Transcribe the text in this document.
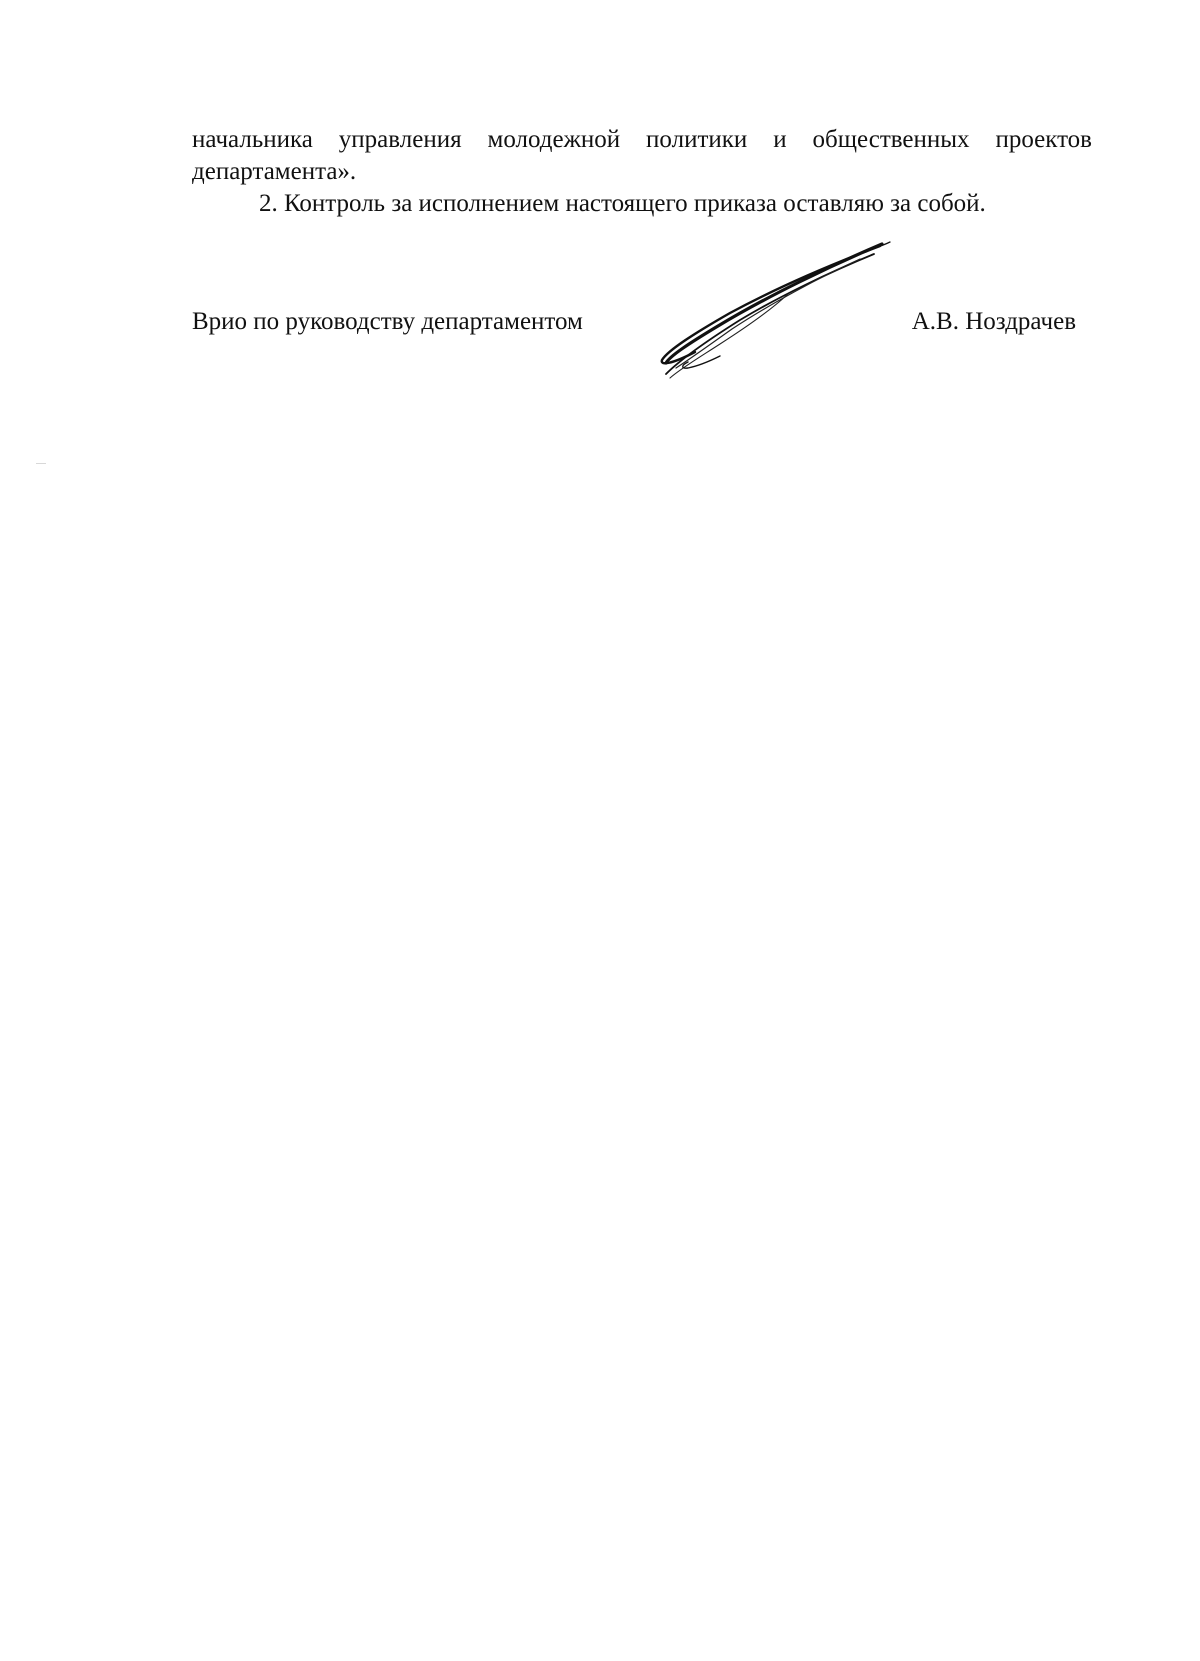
начальника управления молодежной политики и общественных проектов
департамента».

2. Контроль за исполнением настоящего приказа оставляю за собой.

Врио по руководству департаментом	А.В. Ноздрачев
